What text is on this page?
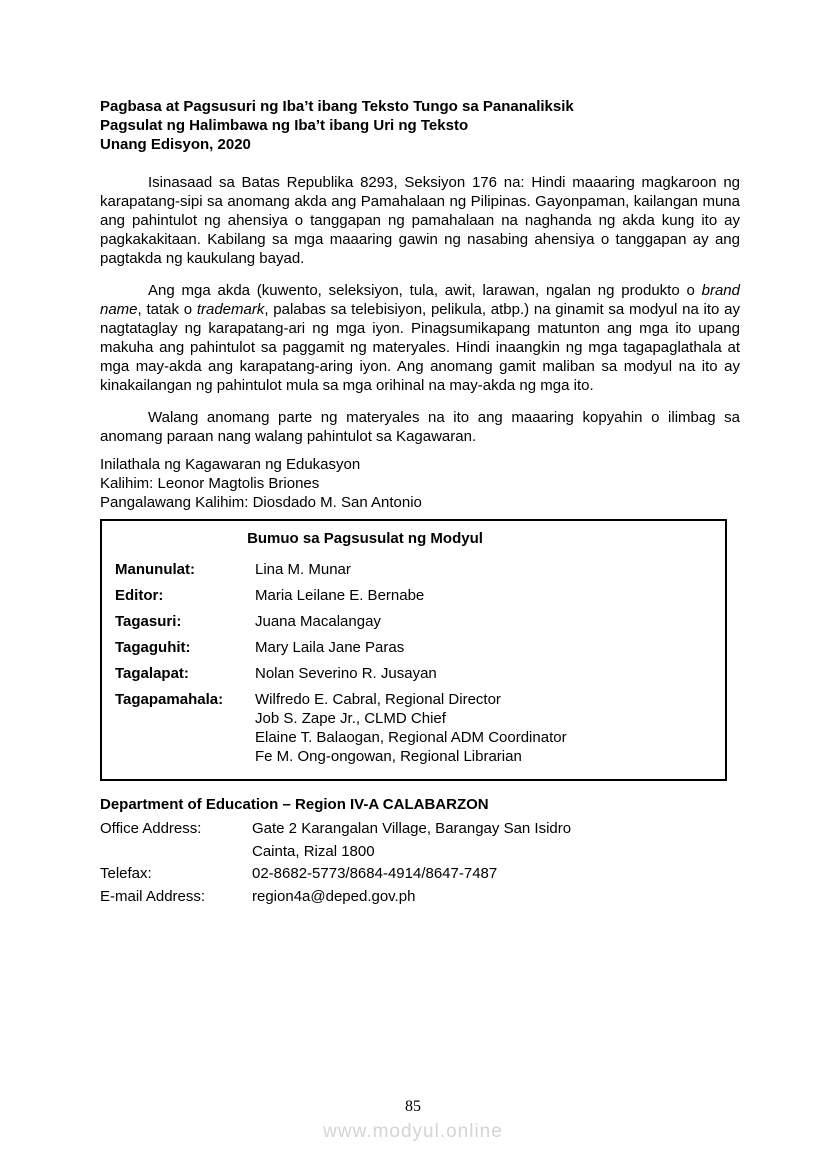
Pagbasa at Pagsusuri ng Iba’t ibang Teksto Tungo sa Pananaliksik
Pagsulat ng Halimbawa ng Iba’t ibang Uri ng Teksto
Unang Edisyon, 2020

Isinasaad sa Batas Republika 8293, Seksiyon 176 na: Hindi maaaring magkaroon ng karapatang-sipi sa anomang akda ang Pamahalaan ng Pilipinas. Gayonpaman, kailangan muna ang pahintulot ng ahensiya o tanggapan ng pamahalaan na naghanda ng akda kung ito ay pagkakakitaan. Kabilang sa mga maaaring gawin ng nasabing ahensiya o tanggapan ay ang pagtakda ng kaukulang bayad.

Ang mga akda (kuwento, seleksiyon, tula, awit, larawan, ngalan ng produkto o brand name, tatak o trademark, palabas sa telebisiyon, pelikula, atbp.) na ginamit sa modyul na ito ay nagtataglay ng karapatang-ari ng mga iyon. Pinagsumikapang matunton ang mga ito upang makuha ang pahintulot sa paggamit ng materyales. Hindi inaangkin ng mga tagapaglathala at mga may-akda ang karapatang-aring iyon. Ang anomang gamit maliban sa modyul na ito ay kinakailangan ng pahintulot mula sa mga orihinal na may-akda ng mga ito.

Walang anomang parte ng materyales na ito ang maaaring kopyahin o ilimbag sa anomang paraan nang walang pahintulot sa Kagawaran.

Inilathala ng Kagawaran ng Edukasyon
Kalihim: Leonor Magtolis Briones
Pangalawang Kalihim: Diosdado M. San Antonio
Bumuo sa Pagsusulat ng Modyul
Manunulat:	Lina M. Munar
Editor:	Maria Leilane E. Bernabe
Tagasuri:	Juana Macalangay
Tagaguhit:	Mary Laila Jane Paras
Tagalapat:	Nolan Severino R. Jusayan
Tagapamahala:	Wilfredo E. Cabral, Regional Director
Job S. Zape Jr., CLMD Chief
Elaine T. Balaogan, Regional ADM Coordinator
Fe M. Ong-ongowan, Regional Librarian
Department of Education – Region IV-A CALABARZON
Office Address:	Gate 2 Karangalan Village, Barangay San Isidro
Cainta, Rizal 1800
Telefax:	02-8682-5773/8684-4914/8647-7487
E-mail Address:	region4a@deped.gov.ph
85
www.modyul.online
